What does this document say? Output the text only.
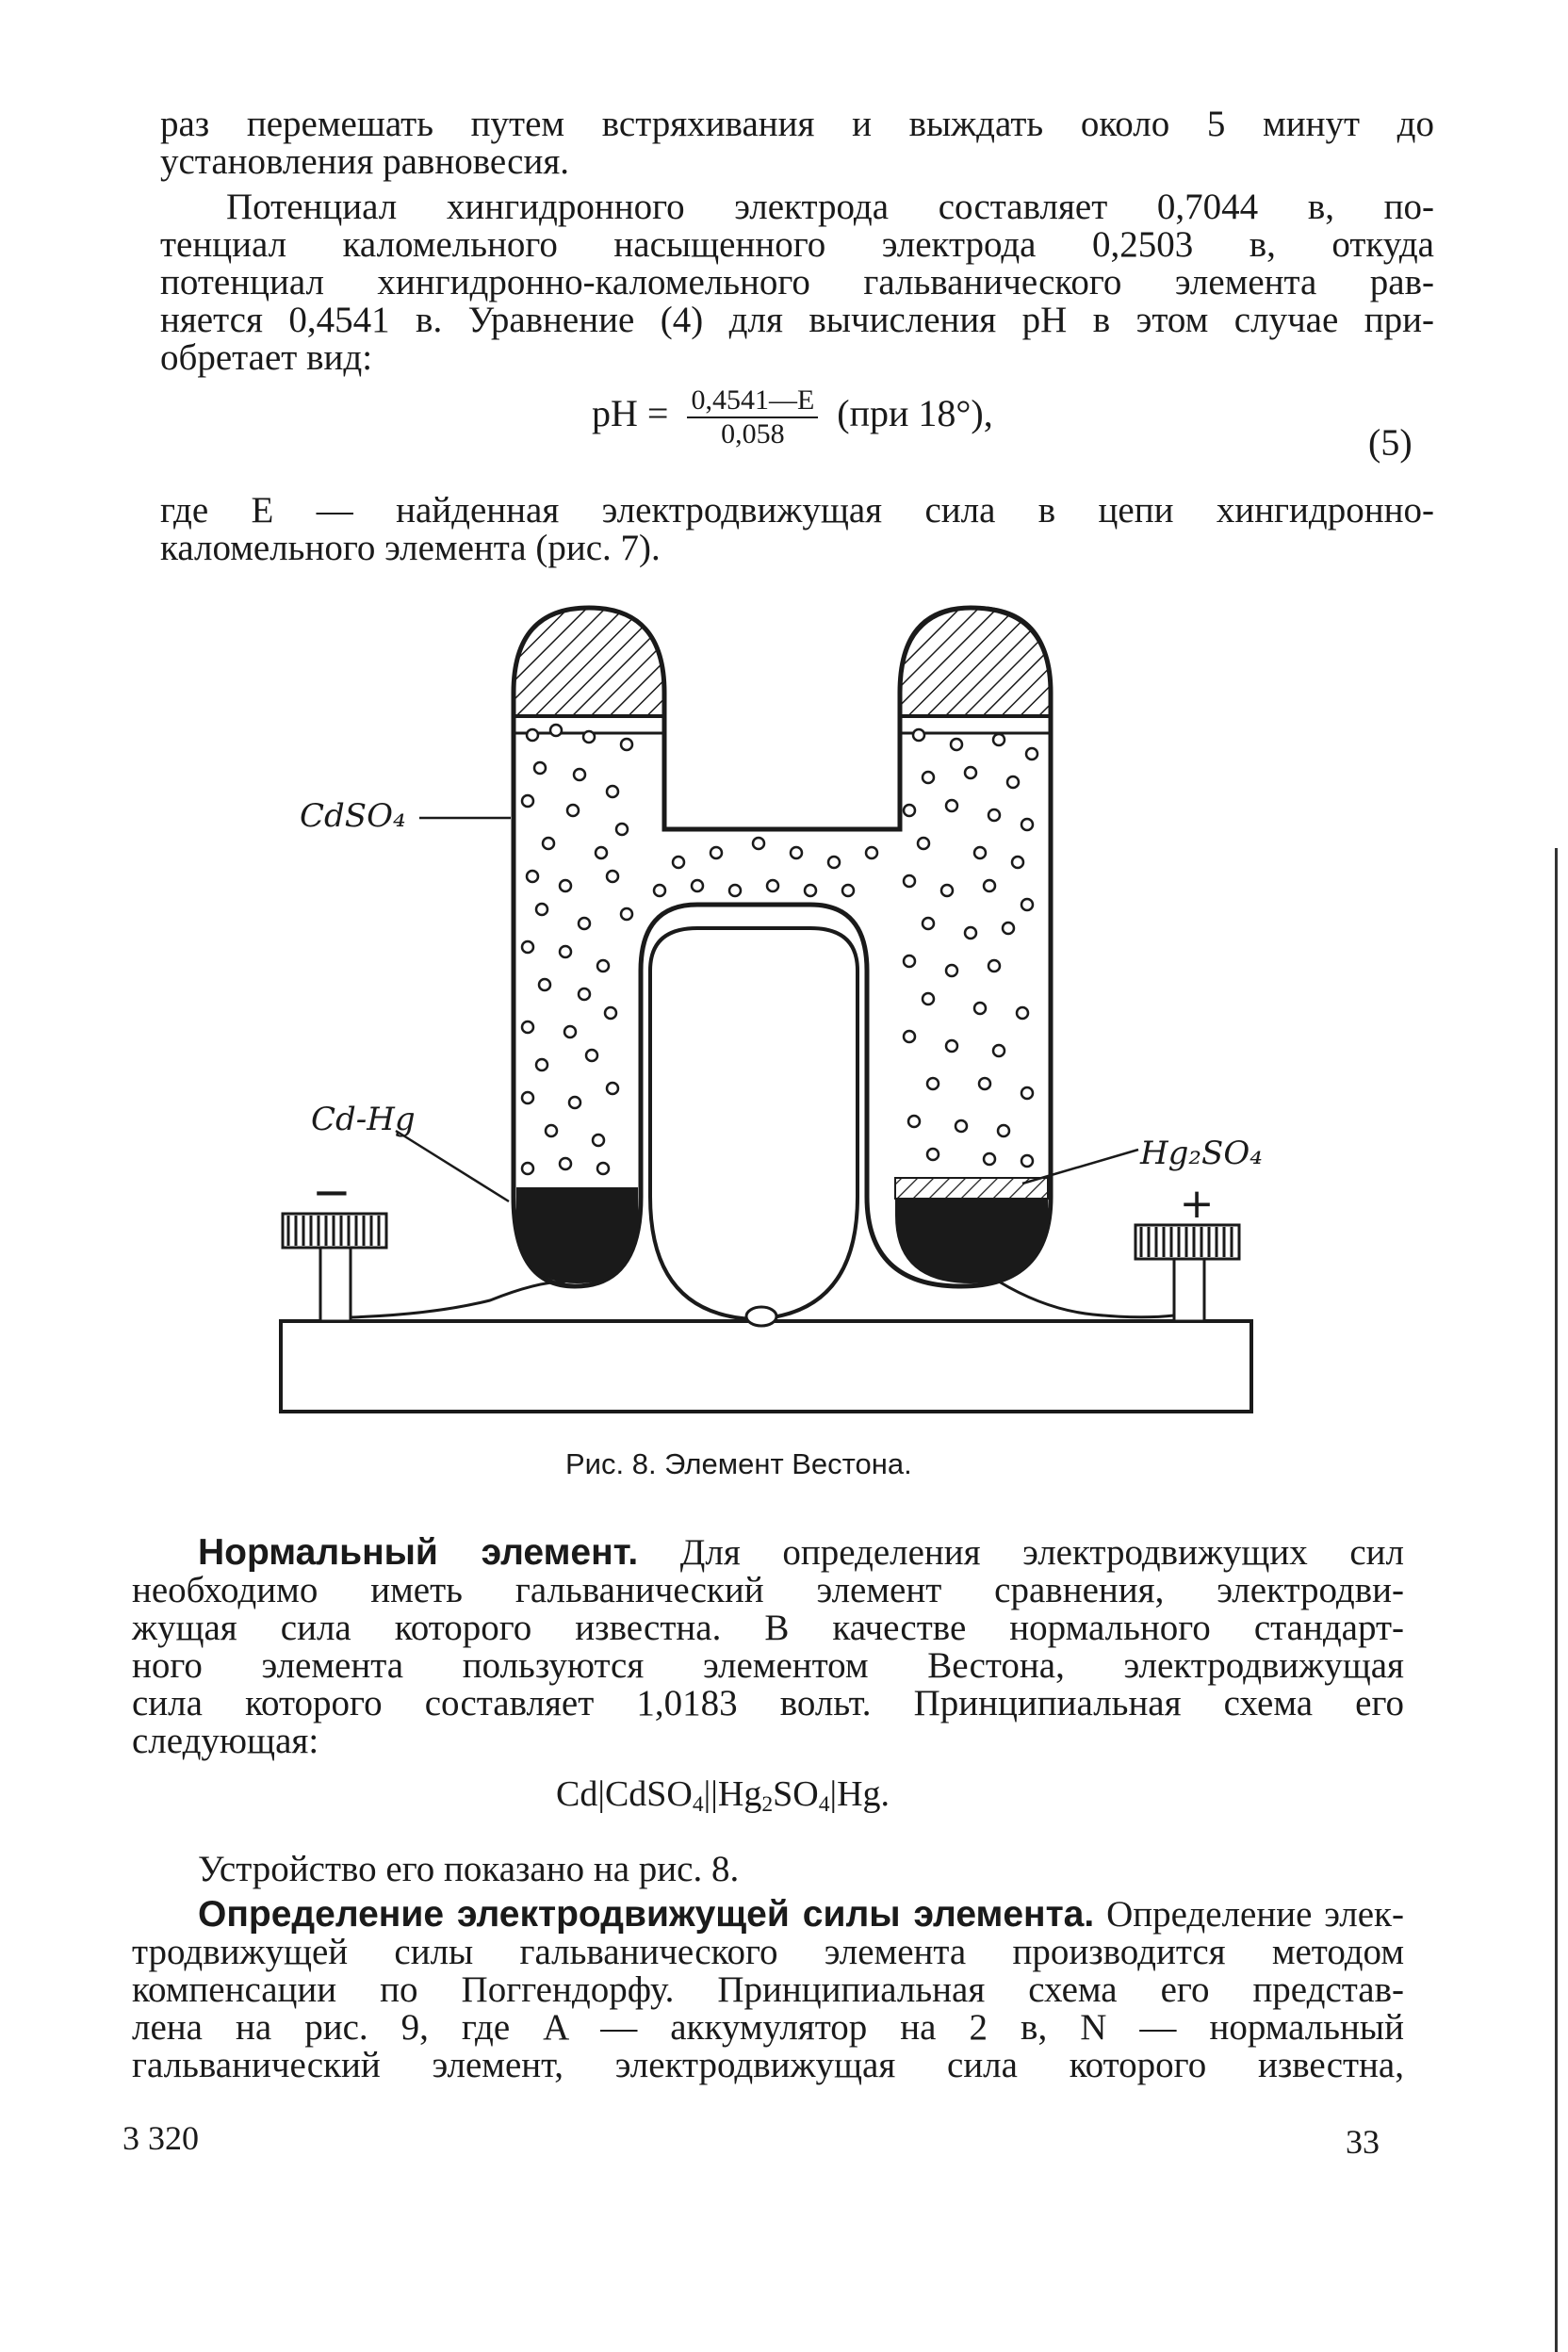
раз перемешать путем встряхивания и выждать около 5 минут до
установления равновесия.
Потенциал хингидронного электрода составляет 0,7044 в, по-
тенциал каломельного насыщенного электрода 0,2503 в, откуда
потенциал хингидронно-каломельного гальванического элемента рав-
няется 0,4541 в. Уравнение (4) для вычисления pH в этом случае при-
обретает вид:
pH = $\frac{0,4541—E}{0,058} (при$ 18°),
(5)
где E — найденная электродвижущая сила в цепи хингидронно-
каломельного элемента (рис. 7).
−	+
CdSO₄
Cd-Hg
Hg₂SO₄
Рис. 8. Элемент Вестона.
Нормальный элемент. Для определения электродвижущих сил
необходимо иметь гальванический элемент сравнения, электродви-
жущая сила которого известна. В качестве нормального стандарт-
ного элемента пользуются элементом Вестона, электродвижущая
сила которого составляет 1,0183 вольт. Принципиальная схема его
следующая:
$Cd|CdSO_4||Hg_2SO_4|Hg$.
Устройство его показано на рис. 8.
Определение электродвижущей силы элемента. Определение элек-
тродвижущей силы гальванического элемента производится методом
компенсации по Поггендорфу. Принципиальная схема его представ-
лена на рис. 9, где A — аккумулятор на 2 в, N — нормальный
гальванический элемент, электродвижущая сила которого известна,
3 320	33
